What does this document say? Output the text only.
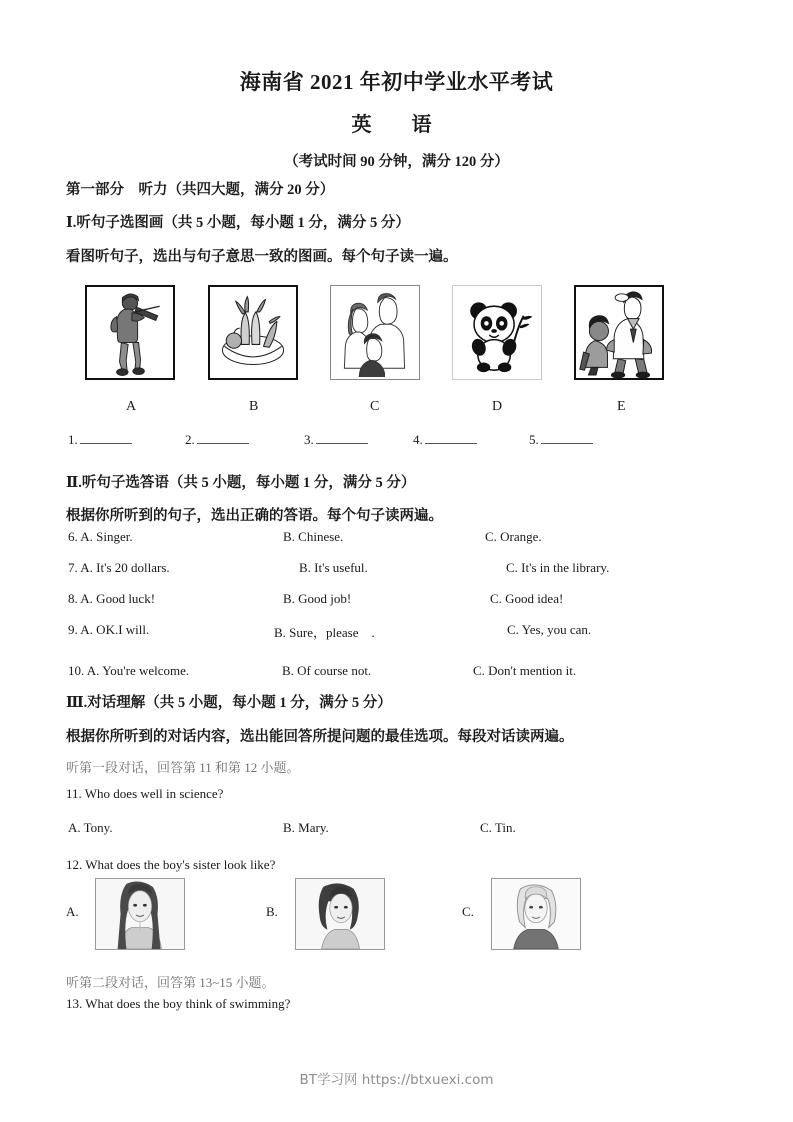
海南省 2021 年初中学业水平考试
英　语
（考试时间 90 分钟，满分 120 分）
第一部分　听力（共四大题，满分 20 分）
Ⅰ.听句子选图画（共 5 小题，每小题 1 分，满分 5 分）
看图听句子，选出与句子意思一致的图画。每个句子读一遍。
A	B	C	D	E
1.	2.	3.	4.	5.
Ⅱ.听句子选答语（共 5 小题，每小题 1 分，满分 5 分）
根据你所听到的句子，选出正确的答语。每个句子读两遍。
6. A. Singer.	B. Chinese.	C. Orange.
7. A. It's 20 dollars.	B. It's useful.	C. It's in the library.
8. A. Good luck!	B. Good job!	C. Good idea!
9. A. OK.I will.	B. Sure，please　.	C. Yes, you can.
10. A. You're welcome.	B. Of course not.	C. Don't mention it.
Ⅲ.对话理解（共 5 小题，每小题 1 分，满分 5 分）
根据你所听到的对话内容，选出能回答所提问题的最佳选项。每段对话读两遍。
听第一段对话，回答第 11 和第 12 小题。
11. Who does well in science?
A. Tony.	B. Mary.	C. Tin.
12. What does the boy's sister look like?
A.	B.	C.
听第二段对话，回答第 13~15 小题。
13. What does the boy think of swimming?
BT学习网 https://btxuexi.com
